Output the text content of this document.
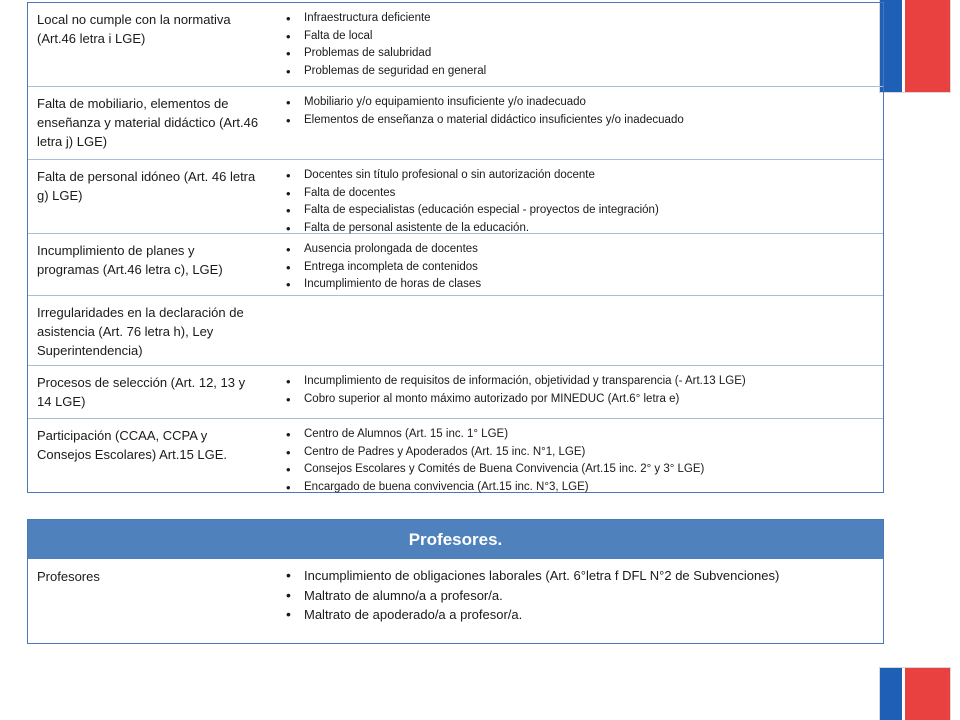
Local no cumple con la normativa (Art.46 letra i LGE)
• Infraestructura deficiente
• Falta de local
• Problemas de salubridad
• Problemas de seguridad en general
Falta de mobiliario, elementos de enseñanza y material didáctico (Art.46 letra j) LGE)
• Mobiliario y/o equipamiento insuficiente y/o inadecuado
• Elementos de enseñanza o material didáctico insuficientes y/o inadecuado
Falta de personal idóneo (Art. 46 letra g) LGE)
• Docentes sin título profesional o sin autorización docente
• Falta de docentes
• Falta de especialistas (educación especial - proyectos de integración)
• Falta de personal asistente de la educación.
Incumplimiento de planes y programas (Art.46 letra c), LGE)
• Ausencia prolongada de docentes
• Entrega incompleta de contenidos
• Incumplimiento de horas de clases
Irregularidades en la declaración de asistencia (Art. 76 letra h), Ley Superintendencia)
Procesos de selección (Art. 12, 13 y 14 LGE)
• Incumplimiento de requisitos de información, objetividad y transparencia (- Art.13 LGE)
• Cobro superior al monto máximo autorizado por MINEDUC (Art.6° letra e)
Participación (CCAA, CCPA y Consejos Escolares) Art.15 LGE.
• Centro de Alumnos (Art. 15 inc. 1° LGE)
• Centro de Padres y Apoderados (Art. 15 inc. N°1, LGE)
• Consejos Escolares y Comités de Buena Convivencia (Art.15 inc. 2° y 3° LGE)
• Encargado de buena convivencia (Art.15 inc. N°3, LGE)
Profesores.
Profesores
•	Incumplimiento de obligaciones laborales (Art. 6°letra f DFL N°2 de Subvenciones)
• Maltrato de alumno/a a profesor/a.
• Maltrato de apoderado/a a profesor/a.
